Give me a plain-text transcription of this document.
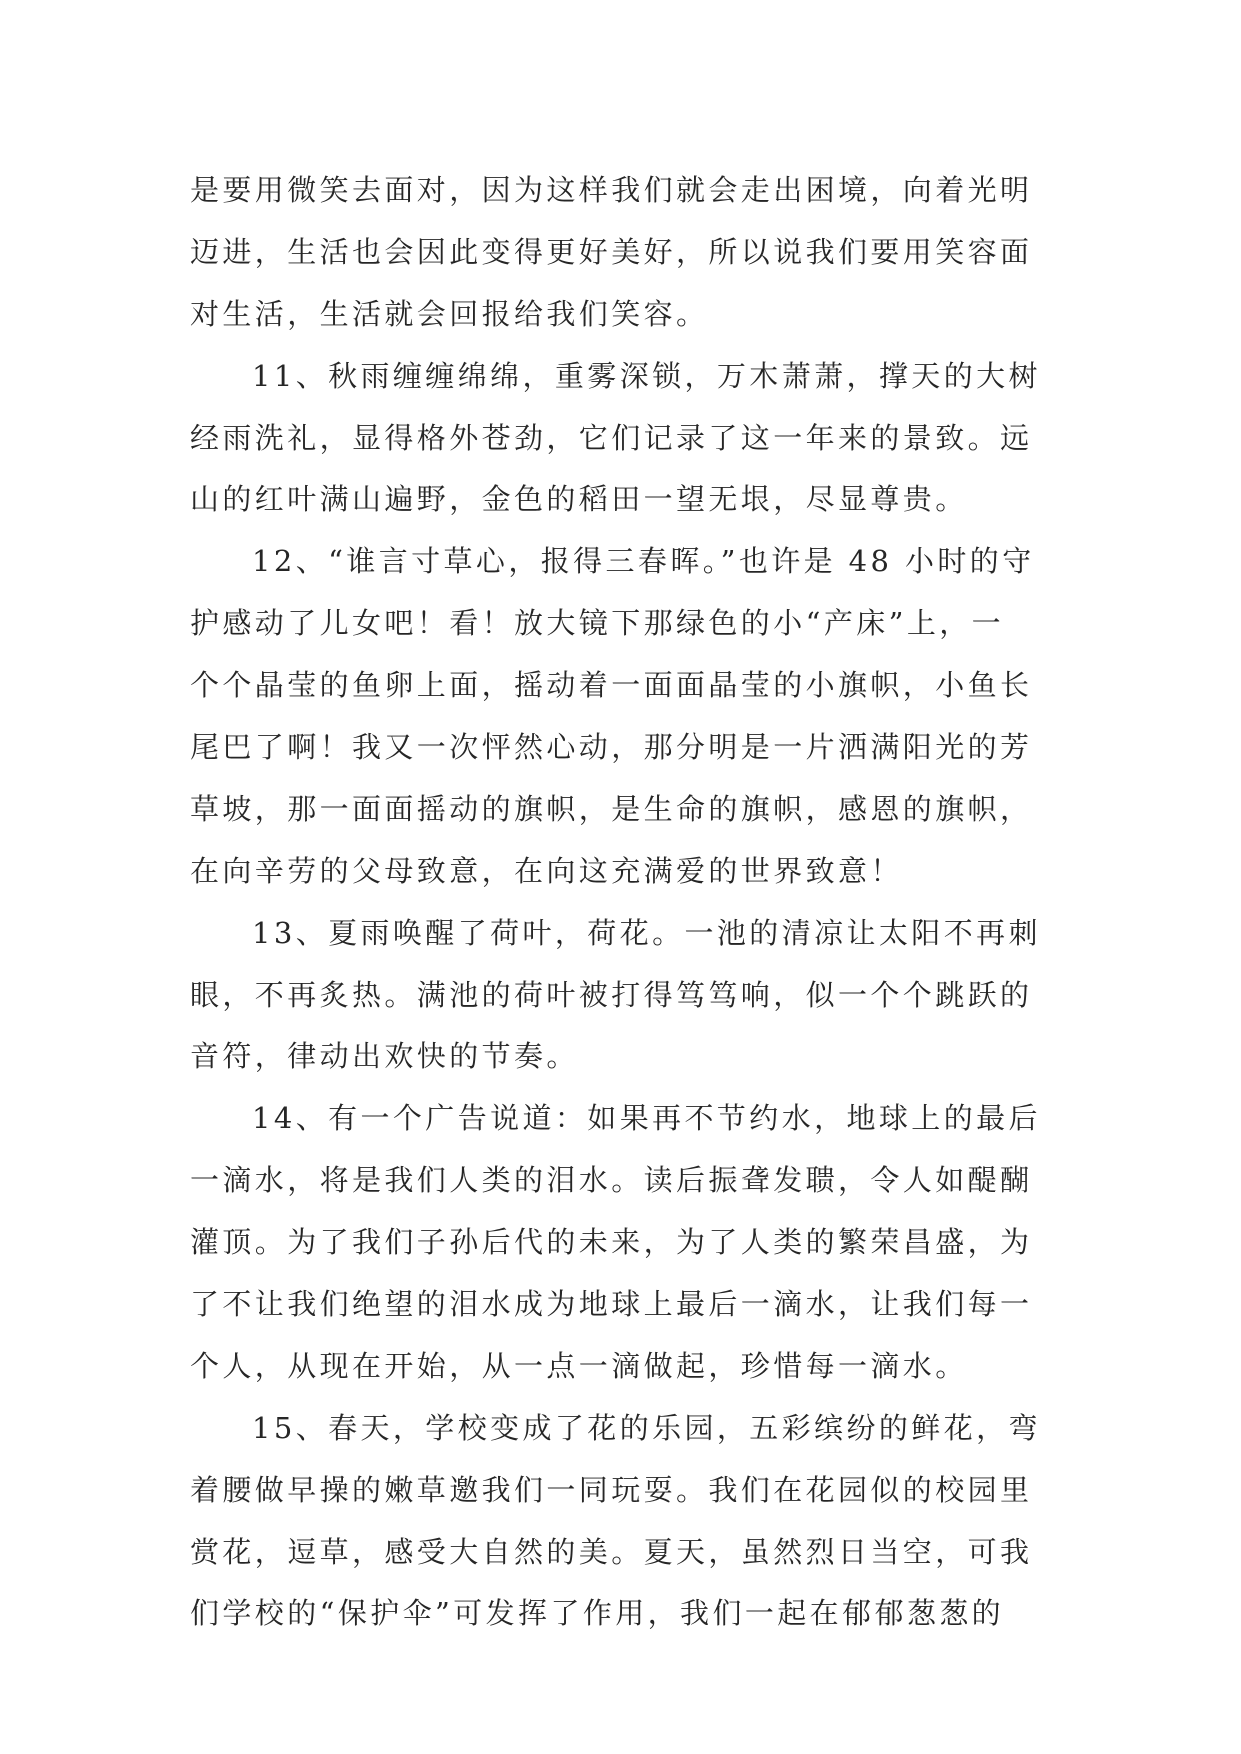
是要用微笑去面对，因为这样我们就会走出困境，向着光明
迈进，生活也会因此变得更好美好，所以说我们要用笑容面
对生活，生活就会回报给我们笑容。
11、秋雨缠缠绵绵，重雾深锁，万木萧萧，撑天的大树
经雨洗礼，显得格外苍劲，它们记录了这一年来的景致。远
山的红叶满山遍野，金色的稻田一望无垠，尽显尊贵。
12、“谁言寸草心，报得三春晖。”也许是 48 小时的守
护感动了儿女吧！看！放大镜下那绿色的小“产床”上，一
个个晶莹的鱼卵上面，摇动着一面面晶莹的小旗帜，小鱼长
尾巴了啊！我又一次怦然心动，那分明是一片洒满阳光的芳
草坡，那一面面摇动的旗帜，是生命的旗帜，感恩的旗帜，
在向辛劳的父母致意，在向这充满爱的世界致意！
13、夏雨唤醒了荷叶，荷花。一池的清凉让太阳不再刺
眼，不再炙热。满池的荷叶被打得笃笃响，似一个个跳跃的
音符，律动出欢快的节奏。
14、有一个广告说道：如果再不节约水，地球上的最后
一滴水，将是我们人类的泪水。读后振聋发聩，令人如醍醐
灌顶。为了我们子孙后代的未来，为了人类的繁荣昌盛，为
了不让我们绝望的泪水成为地球上最后一滴水，让我们每一
个人，从现在开始，从一点一滴做起，珍惜每一滴水。
15、春天，学校变成了花的乐园，五彩缤纷的鲜花，弯
着腰做早操的嫩草邀我们一同玩耍。我们在花园似的校园里
赏花，逗草，感受大自然的美。夏天，虽然烈日当空，可我
们学校的“保护伞”可发挥了作用，我们一起在郁郁葱葱的
